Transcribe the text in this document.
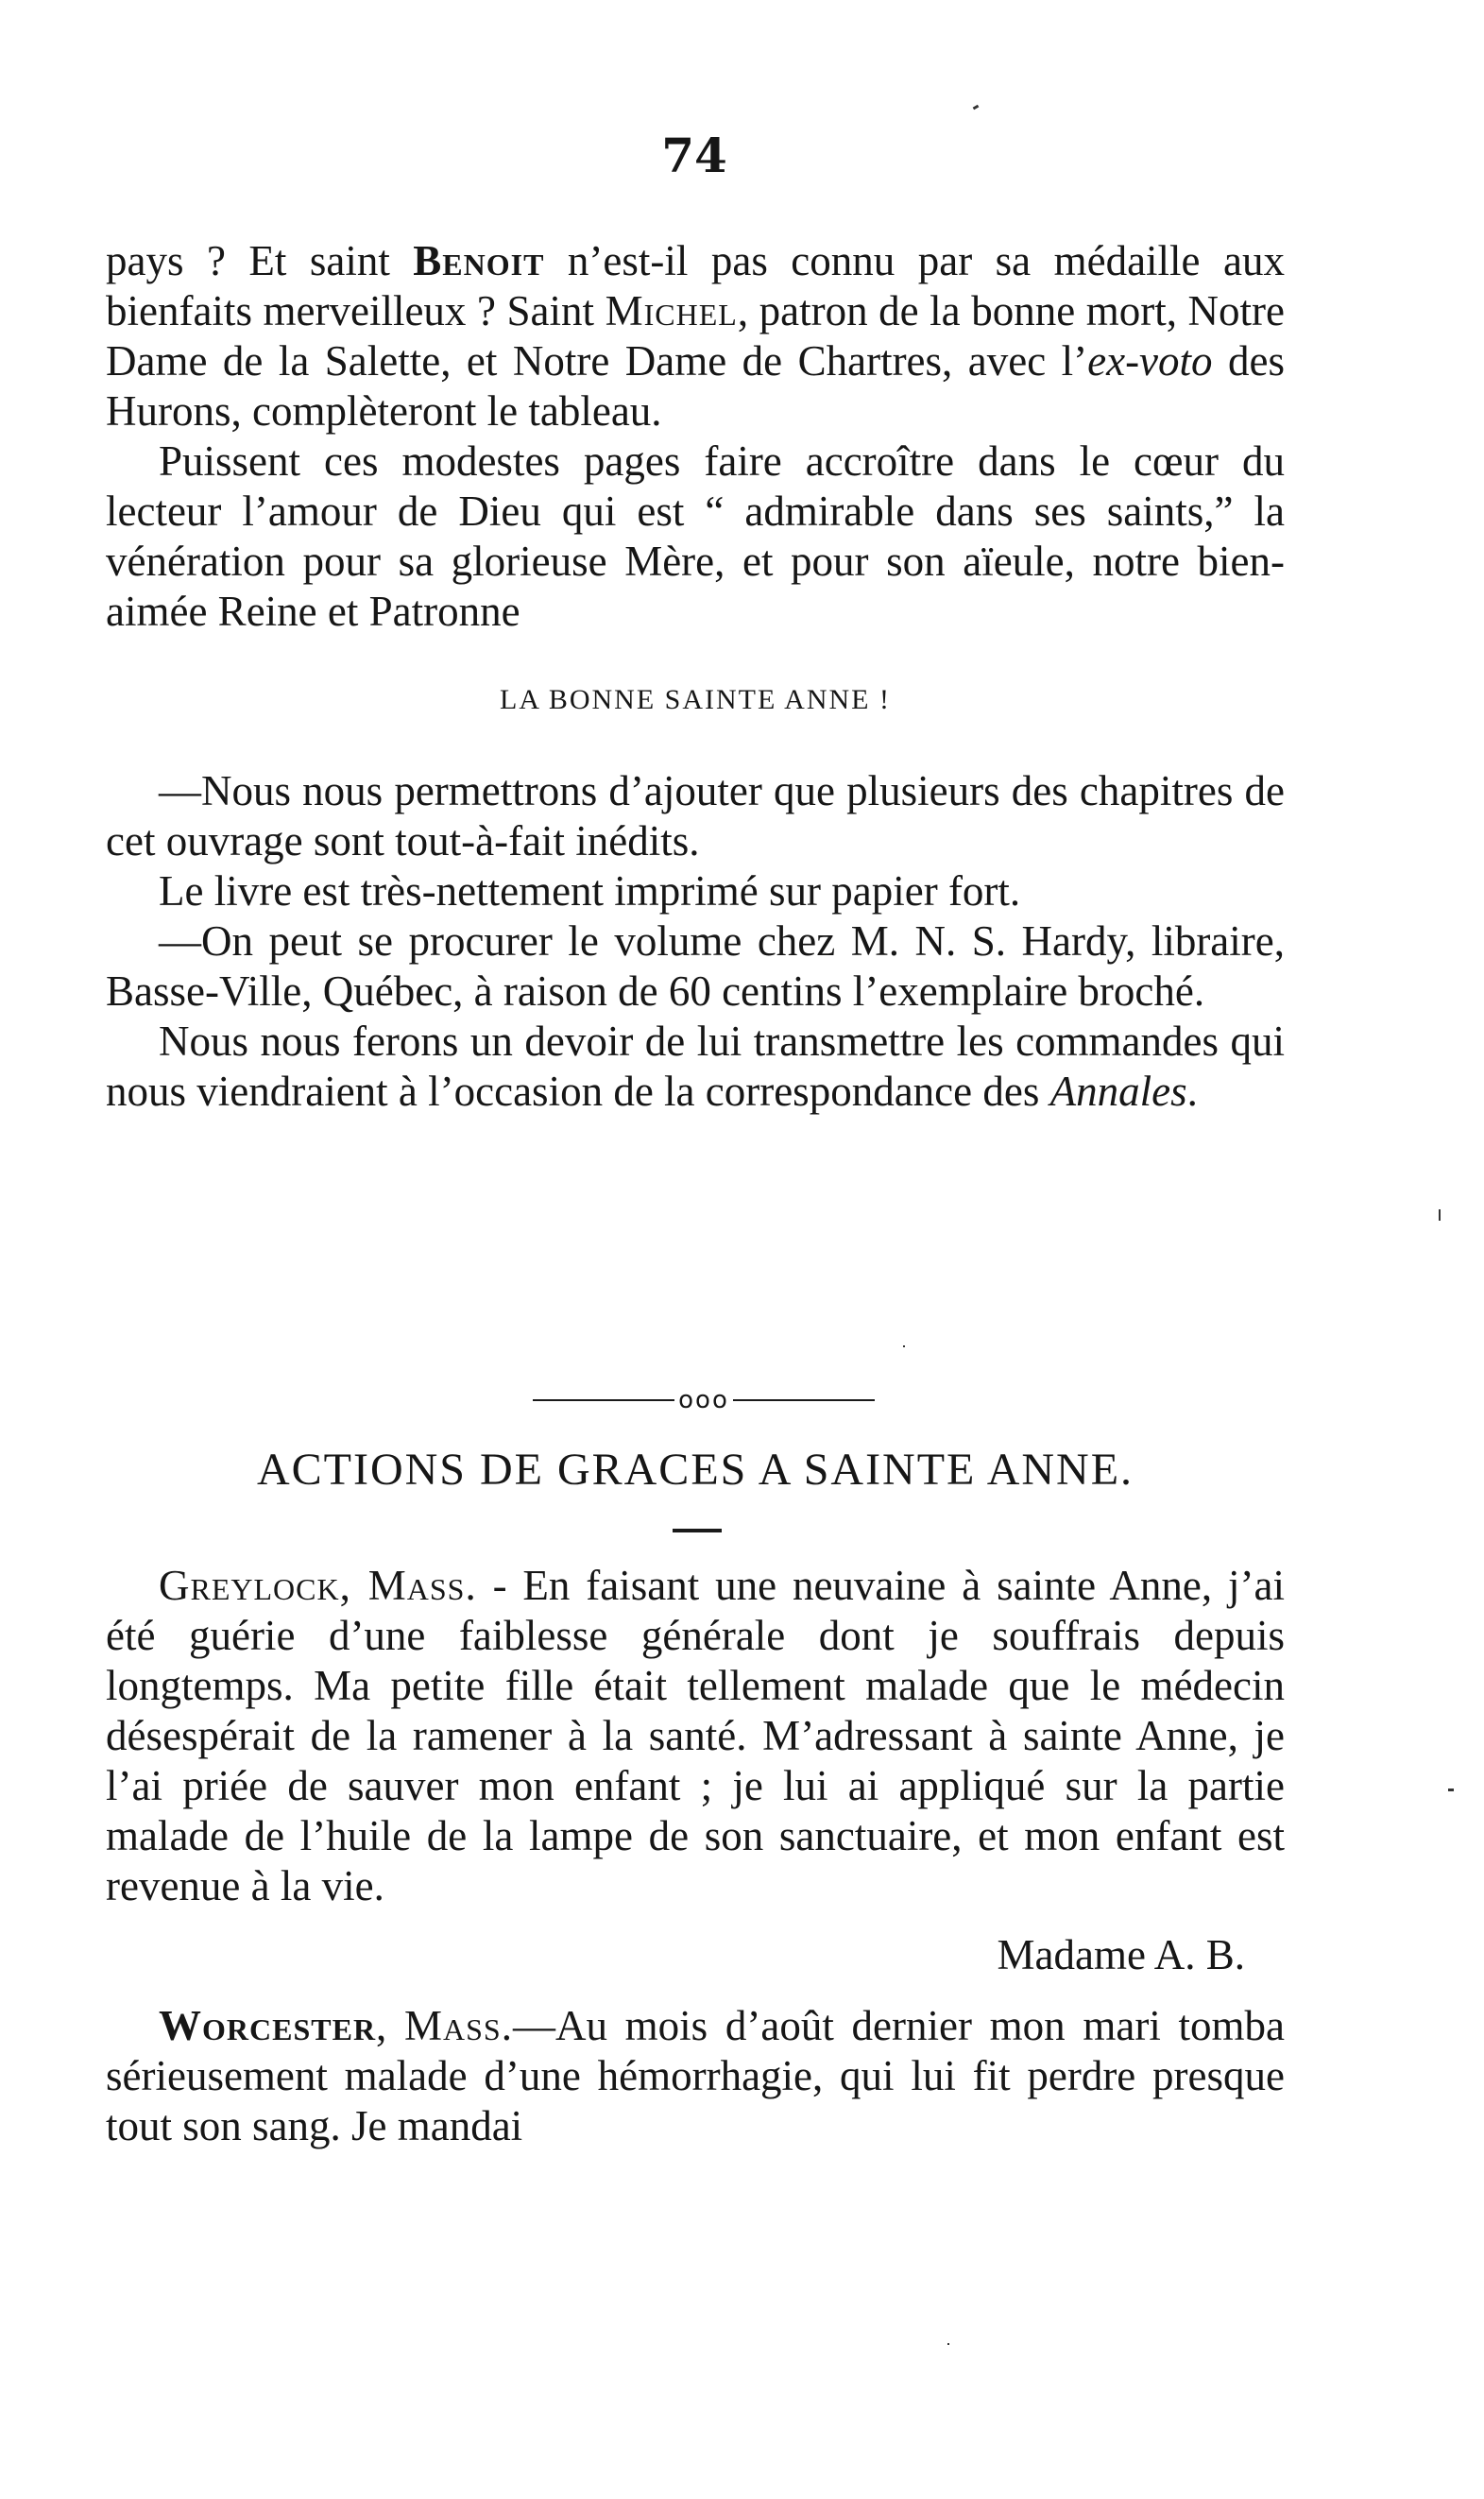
74

pays ? Et saint Benoit n’est-il pas connu par sa médaille aux bienfaits merveilleux ? Saint Michel, patron de la bonne mort, Notre Dame de la Salette, et Notre Dame de Chartres, avec l’ex-voto des Hurons, complèteront le tableau.

Puissent ces modestes pages faire accroître dans le cœur du lecteur l’amour de Dieu qui est “ admirable dans ses saints,” la vénération pour sa glorieuse Mère, et pour son aïeule, notre bien-aimée Reine et Patronne

LA BONNE SAINTE ANNE !

—Nous nous permettrons d’ajouter que plusieurs des chapitres de cet ouvrage sont tout-à-fait inédits.

Le livre est très-nettement imprimé sur papier fort.

—On peut se procurer le volume chez M. N. S. Hardy, libraire, Basse-Ville, Québec, à raison de 60 centins l’exemplaire broché.

Nous nous ferons un devoir de lui transmettre les commandes qui nous viendraient à l’occasion de la correspondance des Annales.

ooo
ACTIONS DE GRACES A SAINTE ANNE.

Greylock, Mass. - En faisant une neuvaine à sainte Anne, j’ai été guérie d’une faiblesse générale dont je souffrais depuis longtemps. Ma petite fille était tellement malade que le médecin désespérait de la ramener à la santé. M’adressant à sainte Anne, je l’ai priée de sauver mon enfant ; je lui ai appliqué sur la partie malade de l’huile de la lampe de son sanctuaire, et mon enfant est revenue à la vie.

Madame A. B.

Worcester, Mass.—Au mois d’août dernier mon mari tomba sérieusement malade d’une hémorrhagie, qui lui fit perdre presque tout son sang. Je mandai
